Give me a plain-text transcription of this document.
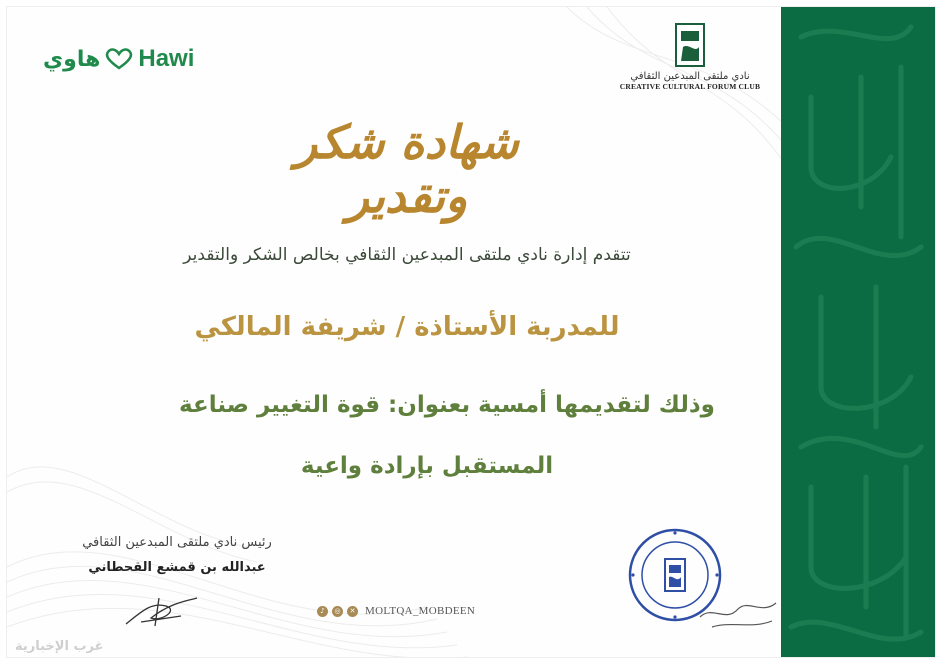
هاوي Hawi
نادي ملتقى المبدعين الثقافي
CREATIVE CULTURAL FORUM CLUB
شهادة شكر وتقدير
تتقدم إدارة نادي ملتقى المبدعين الثقافي بخالص الشكر والتقدير
للمدربة الأستاذة / شريفة المالكي
وذلك لتقديمها أمسية بعنوان: قوة التغيير صناعة
المستقبل بإرادة واعية
رئيس نادي ملتقى المبدعين الثقافي
عبدالله بن قمشع القحطاني
♪	◎	✕ MOLTQA_MOBDEEN
غرب الإخبارية
